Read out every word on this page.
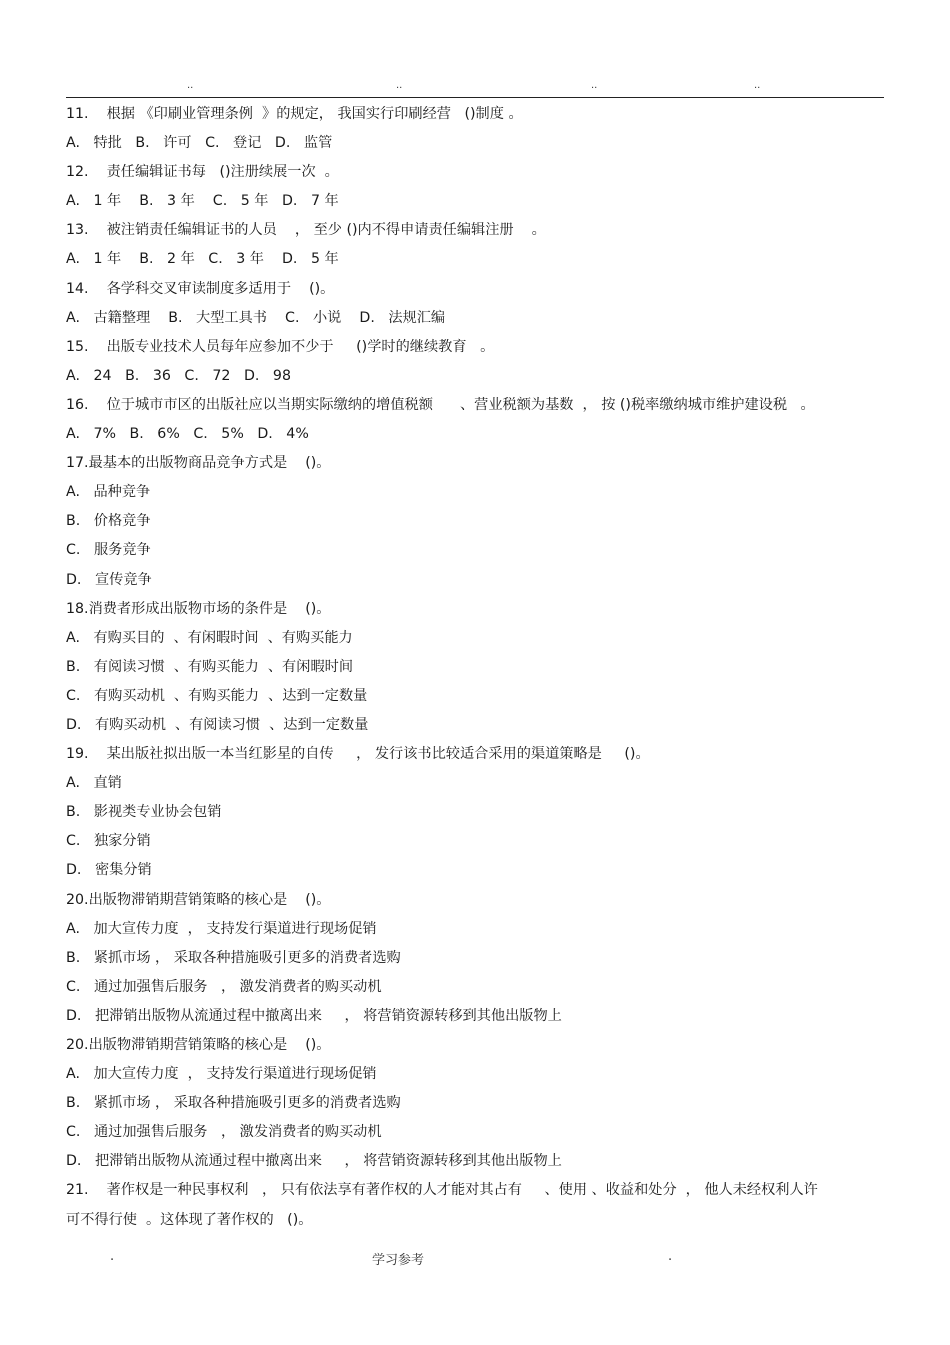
..	..	..	..
11.    根据 《印刷业管理条例  》的规定， 我国实行印刷经营   ()制度 。
A.   特批   B.   许可   C.   登记   D.   监管
12.    责任编辑证书每   ()注册续展一次  。
A.   1 年    B.   3 年    C.   5 年   D.   7 年
13.    被注销责任编辑证书的人员    ， 至少 ()内不得申请责任编辑注册    。
A.   1 年    B.   2 年   C.   3 年    D.   5 年
14.    各学科交叉审读制度多适用于    ()。
A.   古籍整理    B.   大型工具书    C.   小说    D.   法规汇编
15.    出版专业技术人员每年应参加不少于     ()学时的继续教育   。
A.   24   B.   36   C.   72   D.   98
16.    位于城市市区的出版社应以当期实际缴纳的增值税额      、营业税额为基数  ， 按 ()税率缴纳城市维护建设税   。
A.   7%   B.   6%   C.   5%   D.   4%
17.最基本的出版物商品竞争方式是    ()。
A.   品种竞争
B.   价格竞争
C.   服务竞争
D.   宣传竞争
18.消费者形成出版物市场的条件是    ()。
A.   有购买目的  、有闲暇时间  、有购买能力
B.   有阅读习惯  、有购买能力  、有闲暇时间
C.   有购买动机  、有购买能力  、达到一定数量
D.   有购买动机  、有阅读习惯  、达到一定数量
19.    某出版社拟出版一本当红影星的自传     ， 发行该书比较适合采用的渠道策略是     ()。
A.   直销
B.   影视类专业协会包销
C.   独家分销
D.   密集分销
20.出版物滞销期营销策略的核心是    ()。
A.   加大宣传力度  ， 支持发行渠道进行现场促销
B.   紧抓市场 ， 采取各种措施吸引更多的消费者选购
C.   通过加强售后服务   ， 激发消费者的购买动机
D.   把滞销出版物从流通过程中撤离出来     ， 将营销资源转移到其他出版物上
20.出版物滞销期营销策略的核心是    ()。
A.   加大宣传力度  ， 支持发行渠道进行现场促销
B.   紧抓市场 ， 采取各种措施吸引更多的消费者选购
C.   通过加强售后服务   ， 激发消费者的购买动机
D.   把滞销出版物从流通过程中撤离出来     ， 将营销资源转移到其他出版物上
21.    著作权是一种民事权利   ， 只有依法享有著作权的人才能对其占有     、使用 、收益和处分  ， 他人未经权利人许
可不得行使  。这体现了著作权的   ()。
.	学习参考	.
